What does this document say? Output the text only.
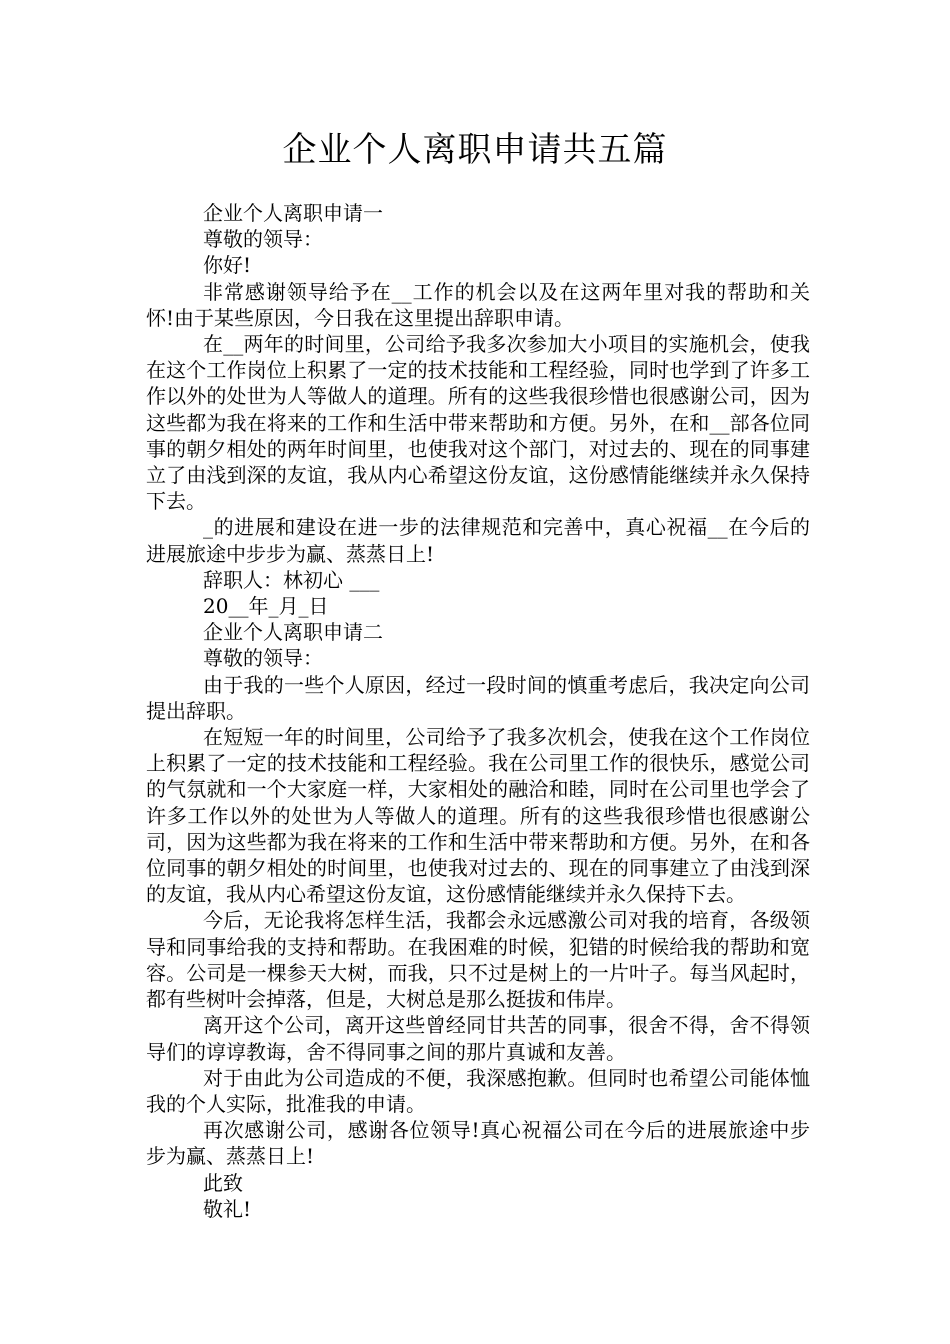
企业个人离职申请共五篇

企业个人离职申请一

尊敬的领导：

你好!

非常感谢领导给予在__工作的机会以及在这两年里对我的帮助和关怀!由于某些原因，今日我在这里提出辞职申请。

在__两年的时间里，公司给予我多次参加大小项目的实施机会，使我在这个工作岗位上积累了一定的技术技能和工程经验，同时也学到了许多工作以外的处世为人等做人的道理。所有的这些我很珍惜也很感谢公司，因为这些都为我在将来的工作和生活中带来帮助和方便。另外，在和__部各位同事的朝夕相处的两年时间里，也使我对这个部门，对过去的、现在的同事建立了由浅到深的友谊，我从内心希望这份友谊，这份感情能继续并永久保持下去。

_的进展和建设在进一步的法律规范和完善中，真心祝福__在今后的进展旅途中步步为赢、蒸蒸日上!

辞职人：林初心 ___

20__年_月_日

企业个人离职申请二

尊敬的领导：

由于我的一些个人原因，经过一段时间的慎重考虑后，我决定向公司提出辞职。

在短短一年的时间里，公司给予了我多次机会，使我在这个工作岗位上积累了一定的技术技能和工程经验。我在公司里工作的很快乐，感觉公司的气氛就和一个大家庭一样，大家相处的融洽和睦，同时在公司里也学会了许多工作以外的处世为人等做人的道理。所有的这些我很珍惜也很感谢公司，因为这些都为我在将来的工作和生活中带来帮助和方便。另外，在和各位同事的朝夕相处的时间里，也使我对过去的、现在的同事建立了由浅到深的友谊，我从内心希望这份友谊，这份感情能继续并永久保持下去。

今后，无论我将怎样生活，我都会永远感激公司对我的培育，各级领导和同事给我的支持和帮助。在我困难的时候，犯错的时候给我的帮助和宽容。公司是一棵参天大树，而我，只不过是树上的一片叶子。每当风起时，都有些树叶会掉落，但是，大树总是那么挺拔和伟岸。

离开这个公司，离开这些曾经同甘共苦的同事，很舍不得，舍不得领导们的谆谆教诲，舍不得同事之间的那片真诚和友善。

对于由此为公司造成的不便，我深感抱歉。但同时也希望公司能体恤我的个人实际，批准我的申请。

再次感谢公司，感谢各位领导!真心祝福公司在今后的进展旅途中步步为赢、蒸蒸日上!

此致

敬礼!
